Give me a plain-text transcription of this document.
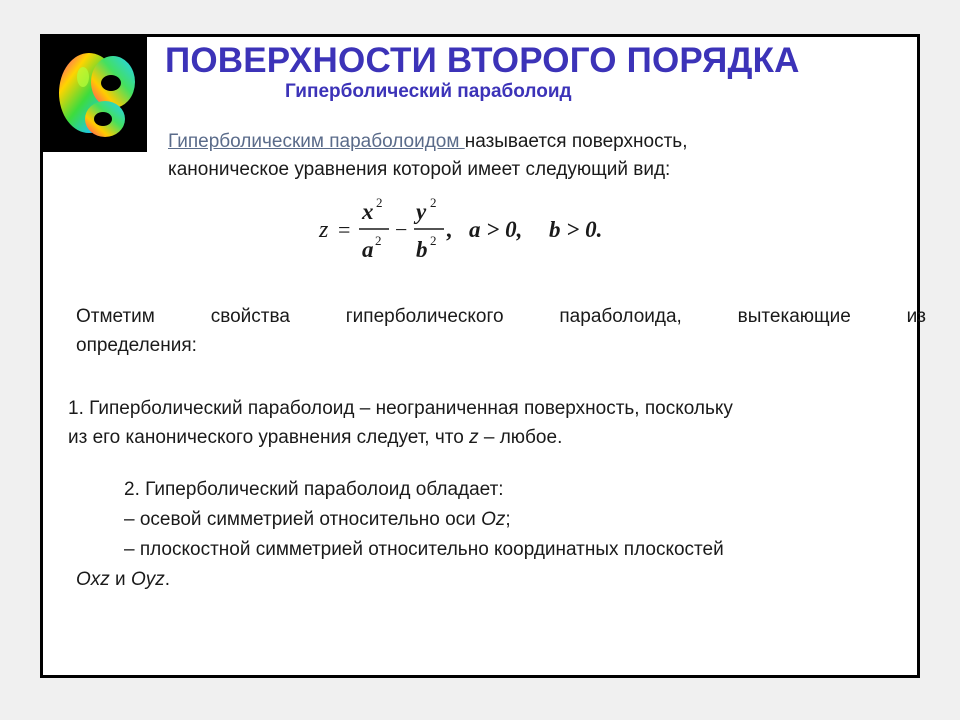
ПОВЕРХНОСТИ ВТОРОГО ПОРЯДКА
Гиперболический параболоид
Гиперболическим параболоидом называется поверхность,
каноническое уравнения которой имеет следующий вид:
z =
x 2
a 2 −
y 2
b 2 , a > 0, b > 0.
Отметим свойства гиперболического параболоида, вытекающие из
определения:
1. Гиперболический параболоид – неограниченная поверхность, поскольку
из его канонического уравнения следует, что z – любое.
2. Гиперболический параболоид обладает:
– осевой симметрией относительно оси Oz;
– плоскостной симметрией относительно координатных плоскостей
Oxz и Oyz.
